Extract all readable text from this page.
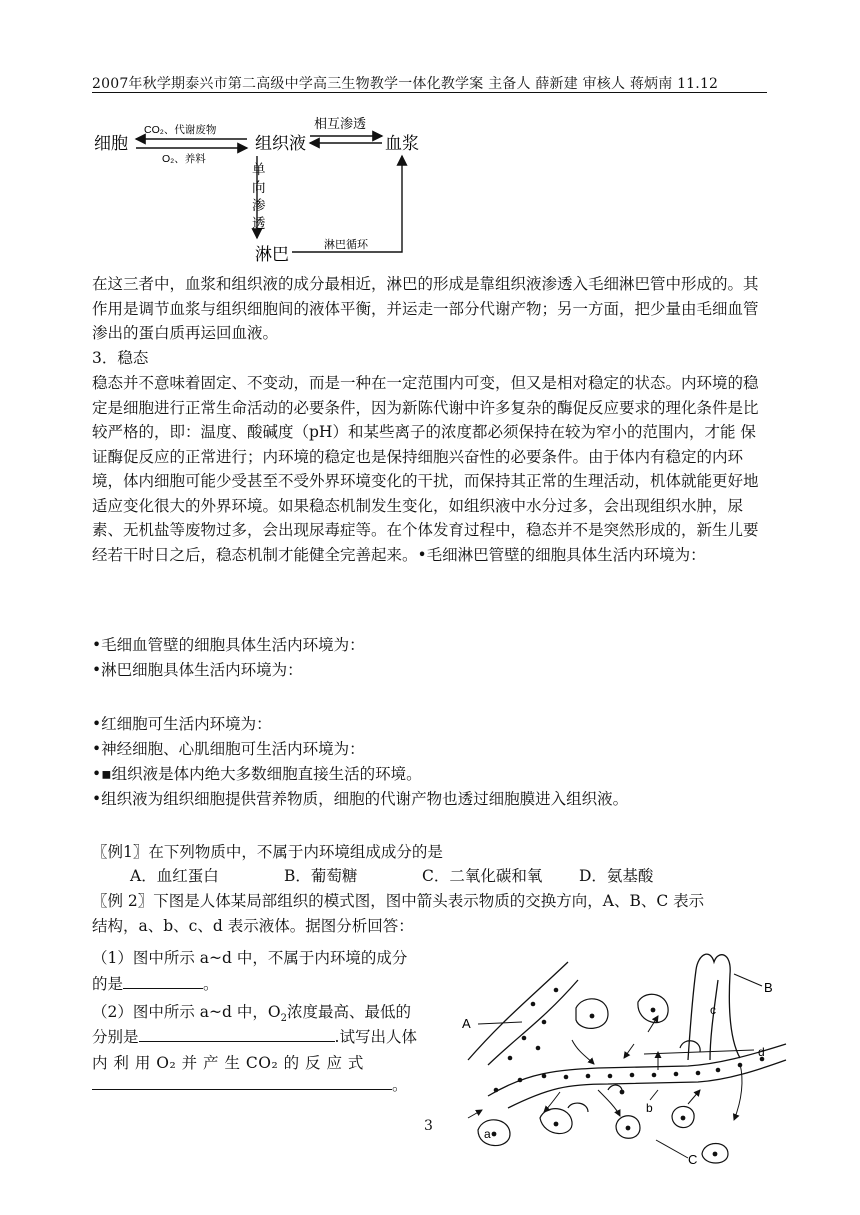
2007年秋学期泰兴市第二高级中学高三生物教学一体化教学案 主备人 薛新建 审核人 蒋炳南 11.12
细胞
CO₂、代谢废物
O₂、养料
组织液
相互渗透
血浆
单
向
渗
透
淋巴	淋巴循环
在这三者中，血浆和组织液的成分最相近，淋巴的形成是靠组织液渗透入毛细淋巴管中形成的。其作用是调节血浆与组织细胞间的液体平衡，并运走一部分代谢产物；另一方面，把少量由毛细血管渗出的蛋白质再运回血液。
3．稳态
稳态并不意味着固定、不变动，而是一种在一定范围内可变，但又是相对稳定的状态。内环境的稳定是细胞进行正常生命活动的必要条件，因为新陈代谢中许多复杂的酶促反应要求的理化条件是比较严格的，即：温度、酸碱度（pH）和某些离子的浓度都必须保持在较为窄小的范围内，才能 保证酶促反应的正常进行；内环境的稳定也是保持细胞兴奋性的必要条件。由于体内有稳定的内环境，体内细胞可能少受甚至不受外界环境变化的干扰，而保持其正常的生理活动，机体就能更好地适应变化很大的外界环境。如果稳态机制发生变化，如组织液中水分过多，会出现组织水肿，尿素、无机盐等废物过多，会出现尿毒症等。在个体发育过程中，稳态并不是突然形成的，新生儿要经若干时日之后，稳态机制才能健全完善起来。•毛细淋巴管壁的细胞具体生活内环境为：
•毛细血管壁的细胞具体生活内环境为：
•淋巴细胞具体生活内环境为：
•红细胞可生活内环境为：
•神经细胞、心肌细胞可生活内环境为：
•▪组织液是体内绝大多数细胞直接生活的环境。
•组织液为组织细胞提供营养物质，细胞的代谢产物也透过细胞膜进入组织液。
〖例1〗在下列物质中，不属于内环境组成成分的是
A．血红蛋白	B．葡萄糖	C．二氧化碳和氧 D．氨基酸
〖例 2〗下图是人体某局部组织的模式图，图中箭头表示物质的交换方向，A、B、C 表示
结构，a、b、c、d 表示液体。据图分析回答：
（1）图中所示 a~d 中，不属于内环境的成分
的是	。
（2）图中所示 a~d 中，$O_2$浓度最高、最低的
分别是	.试写出人体
内 利 用 O₂ 并 产 生 CO₂ 的 反 应 式
。
A
B
C
a
b
c
d
3
